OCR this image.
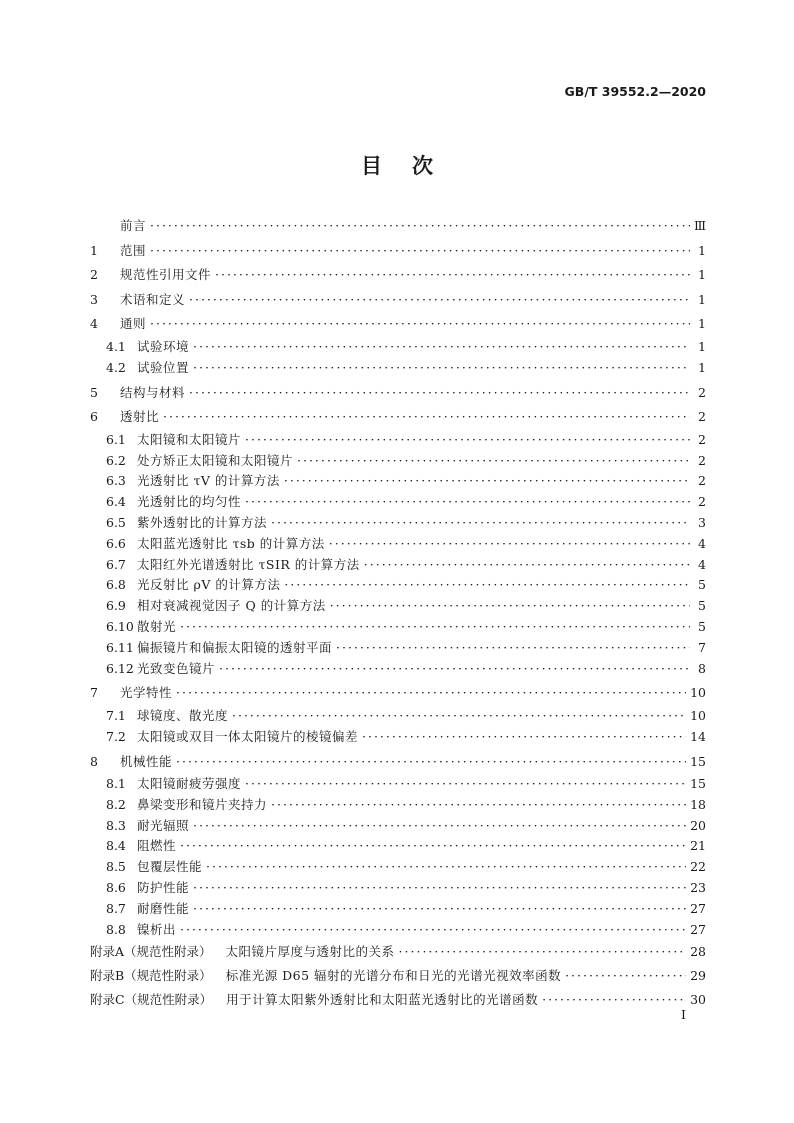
GB/T 39552.2—2020
目次
前言 ·····	Ⅲ
1	范围 ·····	1
2	规范性引用文件 ·····	1
3	术语和定义 ·····	1
4	通则 ·····	1
4.1 试验环境 ·····	1
4.2 试验位置 ·····	1
5	结构与材料 ·····	2
6	透射比 ·····	2
6.1 太阳镜和太阳镜片 ·····	2
6.2 处方矫正太阳镜和太阳镜片 ·····	2
6.3 光透射比 τV 的计算方法 ·····	2
6.4 光透射比的均匀性 ·····	2
6.5 紫外透射比的计算方法 ·····	3
6.6 太阳蓝光透射比 τsb 的计算方法 ·····	4
6.7 太阳红外光谱透射比 τSIR 的计算方法 ·····	4
6.8 光反射比 ρV 的计算方法 ·····	5
6.9 相对衰减视觉因子 Q 的计算方法 ·····	5
6.10 散射光 ·····	5
6.11 偏振镜片和偏振太阳镜的透射平面 ·····	7
6.12 光致变色镜片 ·····	8
7	光学特性 ·····	10
7.1 球镜度、散光度 ·····	10
7.2 太阳镜或双目一体太阳镜片的棱镜偏差 ·····	14
8	机械性能 ·····	15
8.1 太阳镜耐疲劳强度 ·····	15
8.2 鼻梁变形和镜片夹持力 ·····	18
8.3 耐光辐照 ·····	20
8.4 阻燃性 ·····	21
8.5 包覆层性能 ·····	22
8.6 防护性能 ·····	23
8.7 耐磨性能 ·····	27
8.8 镍析出 ·····	27
附录A（规范性附录） 太阳镜片厚度与透射比的关系 ·····	28
附录B（规范性附录） 标准光源 D65 辐射的光谱分布和日光的光谱光视效率函数 ·····	29
附录C（规范性附录） 用于计算太阳紫外透射比和太阳蓝光透射比的光谱函数 ·····	30
I
